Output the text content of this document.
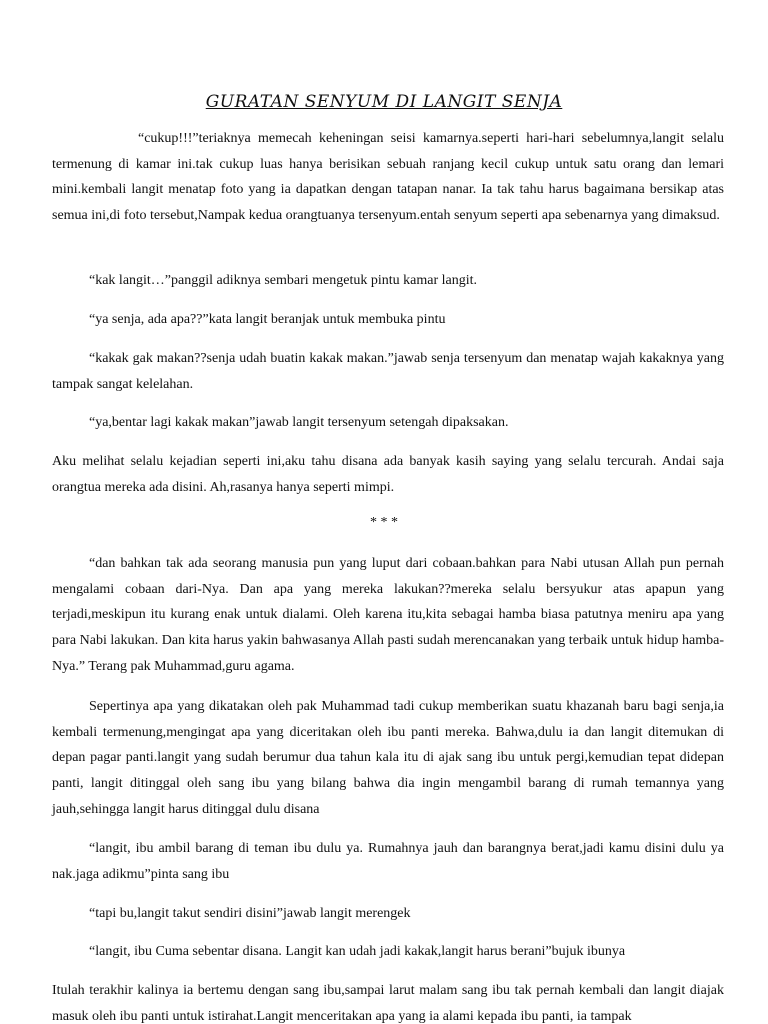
GURATAN SENYUM DI LANGIT SENJA

“cukup!!!”teriaknya memecah keheningan seisi kamarnya.seperti hari-hari sebelumnya,langit selalu termenung di kamar ini.tak cukup luas hanya berisikan sebuah ranjang kecil cukup untuk satu orang dan lemari mini.kembali langit menatap foto yang ia dapatkan dengan tatapan nanar. Ia tak tahu harus bagaimana bersikap atas semua ini,di foto tersebut,Nampak kedua orangtuanya tersenyum.entah senyum seperti apa sebenarnya yang dimaksud.

“kak langit…”panggil adiknya sembari mengetuk pintu kamar langit.

“ya senja, ada apa??”kata langit beranjak untuk membuka pintu

“kakak gak makan??senja udah buatin kakak makan.”jawab senja tersenyum dan menatap wajah kakaknya yang tampak sangat kelelahan.

“ya,bentar lagi kakak makan”jawab langit tersenyum setengah dipaksakan.

Aku melihat selalu kejadian seperti ini,aku tahu disana ada banyak kasih saying yang selalu tercurah. Andai saja orangtua mereka ada disini. Ah,rasanya hanya seperti mimpi.

* * *

“dan bahkan tak ada seorang manusia pun yang luput dari cobaan.bahkan para Nabi utusan Allah pun pernah mengalami cobaan dari-Nya. Dan apa yang mereka lakukan??mereka selalu bersyukur atas apapun yang terjadi,meskipun itu kurang enak untuk dialami. Oleh karena itu,kita sebagai hamba biasa patutnya meniru apa yang para Nabi lakukan. Dan kita harus yakin bahwasanya Allah pasti sudah merencanakan yang terbaik untuk hidup hamba-Nya.” Terang pak Muhammad,guru agama.

Sepertinya apa yang dikatakan oleh pak Muhammad tadi cukup memberikan suatu khazanah baru bagi senja,ia kembali termenung,mengingat apa yang diceritakan oleh ibu panti mereka. Bahwa,dulu ia dan langit ditemukan di depan pagar panti.langit yang sudah berumur dua tahun kala itu di ajak sang ibu untuk pergi,kemudian tepat didepan panti, langit ditinggal oleh sang ibu yang bilang bahwa dia ingin mengambil barang di rumah temannya yang jauh,sehingga langit harus ditinggal dulu disana

“langit, ibu ambil barang di teman ibu dulu ya. Rumahnya jauh dan barangnya berat,jadi kamu disini dulu ya nak.jaga adikmu”pinta sang ibu

“tapi bu,langit takut sendiri disini”jawab langit merengek

“langit, ibu Cuma sebentar disana. Langit kan udah jadi kakak,langit harus berani”bujuk ibunya

Itulah terakhir kalinya ia bertemu dengan sang ibu,sampai larut malam sang ibu tak pernah kembali dan langit diajak masuk oleh ibu panti untuk istirahat.Langit menceritakan apa yang ia alami kepada ibu panti, ia tampak
